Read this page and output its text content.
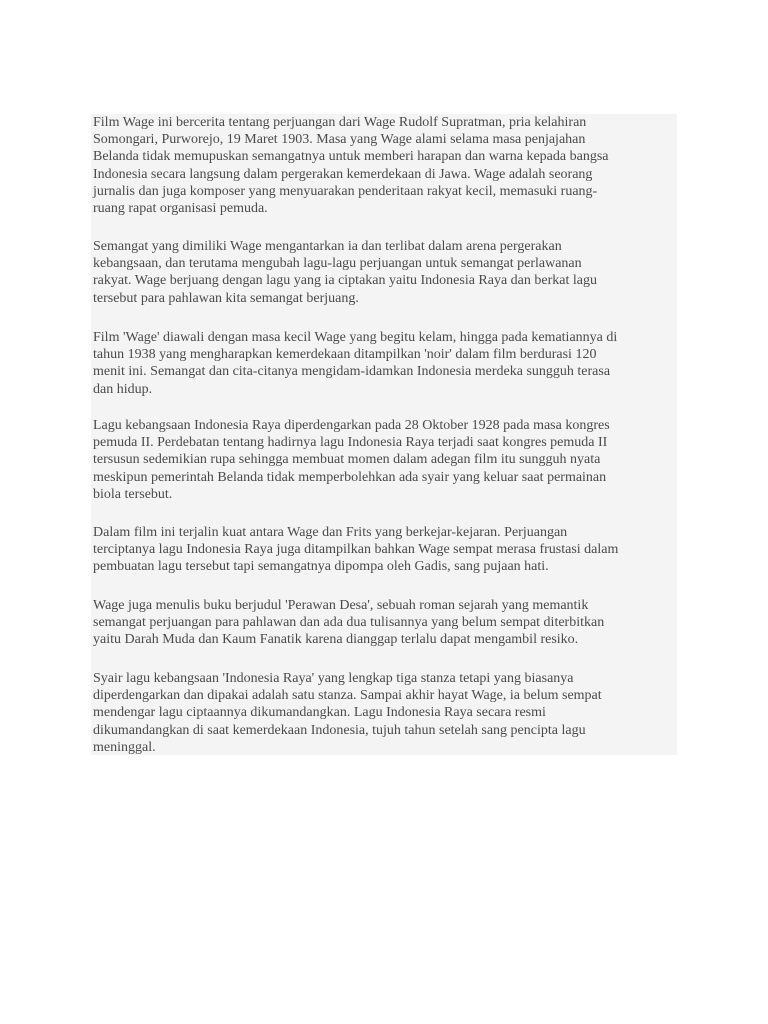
Film Wage ini bercerita tentang perjuangan dari Wage Rudolf Supratman, pria kelahiran
Somongari, Purworejo, 19 Maret 1903. Masa yang Wage alami selama masa penjajahan
Belanda tidak memupuskan semangatnya untuk memberi harapan dan warna kepada bangsa
Indonesia secara langsung dalam pergerakan kemerdekaan di Jawa. Wage adalah seorang
jurnalis dan juga komposer yang menyuarakan penderitaan rakyat kecil, memasuki ruang-
ruang rapat organisasi pemuda.

Semangat yang dimiliki Wage mengantarkan ia dan terlibat dalam arena pergerakan
kebangsaan, dan terutama mengubah lagu-lagu perjuangan untuk semangat perlawanan
rakyat. Wage berjuang dengan lagu yang ia ciptakan yaitu Indonesia Raya dan berkat lagu
tersebut para pahlawan kita semangat berjuang.

Film 'Wage' diawali dengan masa kecil Wage yang begitu kelam, hingga pada kematiannya di
tahun 1938 yang mengharapkan kemerdekaan ditampilkan 'noir' dalam film berdurasi 120
menit ini. Semangat dan cita-citanya mengidam-idamkan Indonesia merdeka sungguh terasa
dan hidup.

Lagu kebangsaan Indonesia Raya diperdengarkan pada 28 Oktober 1928 pada masa kongres
pemuda II. Perdebatan tentang hadirnya lagu Indonesia Raya terjadi saat kongres pemuda II
tersusun sedemikian rupa sehingga membuat momen dalam adegan film itu sungguh nyata
meskipun pemerintah Belanda tidak memperbolehkan ada syair yang keluar saat permainan
biola tersebut.

Dalam film ini terjalin kuat antara Wage dan Frits yang berkejar-kejaran. Perjuangan
terciptanya lagu Indonesia Raya juga ditampilkan bahkan Wage sempat merasa frustasi dalam
pembuatan lagu tersebut tapi semangatnya dipompa oleh Gadis, sang pujaan hati.

Wage juga menulis buku berjudul 'Perawan Desa', sebuah roman sejarah yang memantik
semangat perjuangan para pahlawan dan ada dua tulisannya yang belum sempat diterbitkan
yaitu Darah Muda dan Kaum Fanatik karena dianggap terlalu dapat mengambil resiko.

Syair lagu kebangsaan 'Indonesia Raya' yang lengkap tiga stanza tetapi yang biasanya
diperdengarkan dan dipakai adalah satu stanza. Sampai akhir hayat Wage, ia belum sempat
mendengar lagu ciptaannya dikumandangkan. Lagu Indonesia Raya secara resmi
dikumandangkan di saat kemerdekaan Indonesia, tujuh tahun setelah sang pencipta lagu
meninggal.
